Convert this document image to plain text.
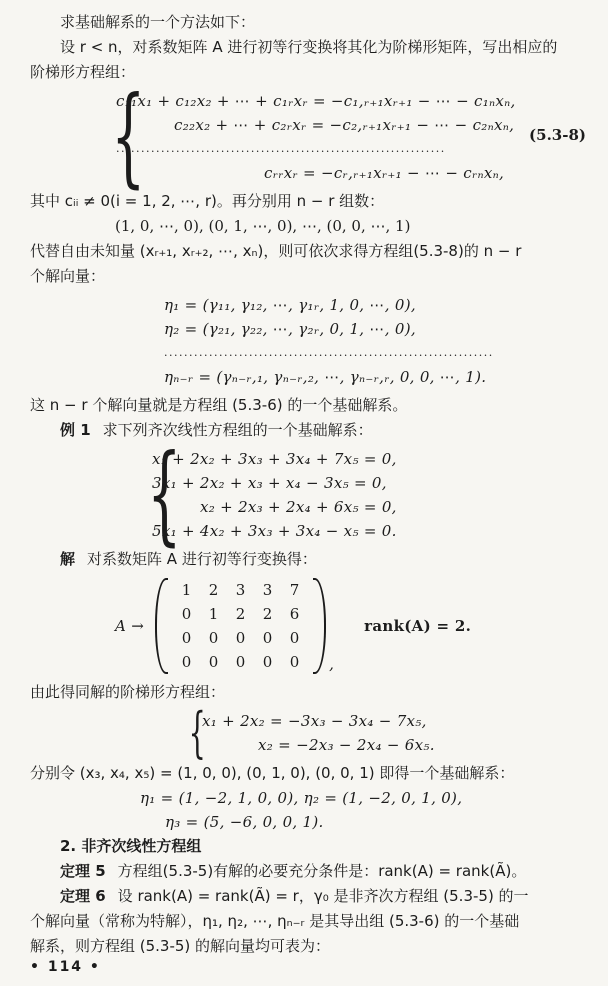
求基础解系的一个方法如下：

设 r < n，对系数矩阵 A 进行初等行变换将其化为阶梯形矩阵，写出相应的

阶梯形方程组：

{
c₁₁x₁ + c₁₂x₂ + ⋯ + c₁ᵣxᵣ = −c₁,ᵣ₊₁xᵣ₊₁ − ⋯ − c₁ₙxₙ,
c₂₂x₂ + ⋯ + c₂ᵣxᵣ = −c₂,ᵣ₊₁xᵣ₊₁ − ⋯ − c₂ₙxₙ,
..................................................................
cᵣᵣxᵣ = −cᵣ,ᵣ₊₁xᵣ₊₁ − ⋯ − cᵣₙxₙ,
(5.3-8)

其中 cᵢᵢ ≠ 0(i = 1, 2, ⋯, r)。再分别用 n − r 组数：

(1, 0, ⋯, 0), (0, 1, ⋯, 0), ⋯, (0, 0, ⋯, 1)

代替自由未知量 (xᵣ₊₁, xᵣ₊₂, ⋯, xₙ)，则可依次求得方程组(5.3-8)的 n − r

个解向量：

η₁ = (γ₁₁, γ₁₂, ⋯, γ₁ᵣ, 1, 0, ⋯, 0),
η₂ = (γ₂₁, γ₂₂, ⋯, γ₂ᵣ, 0, 1, ⋯, 0),
..................................................................
ηₙ₋ᵣ = (γₙ₋ᵣ,₁, γₙ₋ᵣ,₂, ⋯, γₙ₋ᵣ,ᵣ, 0, 0, ⋯, 1).

这 n − r 个解向量就是方程组 (5.3-6) 的一个基础解系。

例 1 求下列齐次线性方程组的一个基础解系：

{
x₁ + 2x₂ + 3x₃ + 3x₄ + 7x₅ = 0,
3x₁ + 2x₂ + x₃ + x₄ − 3x₅ = 0,
x₂ + 2x₃ + 2x₄ + 6x₅ = 0,
5x₁ + 4x₂ + 3x₃ + 3x₄ − x₅ = 0.

解 对系数矩阵 A 进行初等行变换得：

A →
1	2	3	3	7
0	1	2	2	6
0	0	0	0	0
0	0	0	0	0	,
rank(A) = 2.

由此得同解的阶梯形方程组：

{
x₁ + 2x₂ = −3x₃ − 3x₄ − 7x₅,
x₂ = −2x₃ − 2x₄ − 6x₅.

分别令 (x₃, x₄, x₅) = (1, 0, 0), (0, 1, 0), (0, 0, 1) 即得一个基础解系：

η₁ = (1, −2, 1, 0, 0), η₂ = (1, −2, 0, 1, 0),
η₃ = (5, −6, 0, 0, 1).

2. 非齐次线性方程组

定理 5 方程组(5.3-5)有解的必要充分条件是：rank(A) = rank(Ã)。

定理 6 设 rank(A) = rank(Ã) = r，γ₀ 是非齐次方程组 (5.3-5) 的一

个解向量（常称为特解），η₁, η₂, ⋯, ηₙ₋ᵣ 是其导出组 (5.3-6) 的一个基础

解系，则方程组 (5.3-5) 的解向量均可表为：

• 114 •
